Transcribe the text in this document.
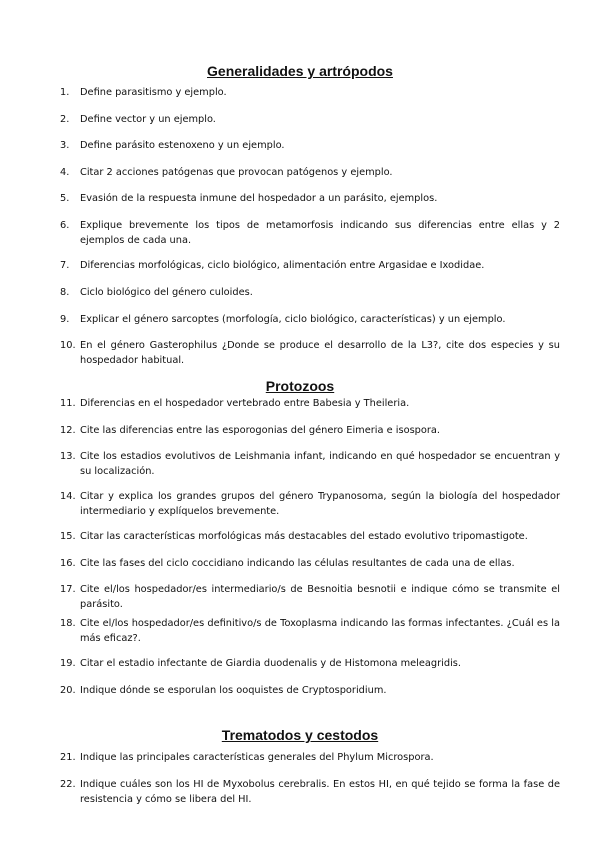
Generalidades y artrópodos
1.	Define parasitismo y ejemplo.
2.	Define vector y un ejemplo.
3.	Define parásito estenoxeno y un ejemplo.
4.	Citar 2 acciones patógenas que provocan patógenos y ejemplo.
5.	Evasión de la respuesta inmune del hospedador a un parásito, ejemplos.
6.	Explique brevemente los tipos de metamorfosis indicando sus diferencias entre ellas y 2 ejemplos de cada una.
7.	Diferencias morfológicas, ciclo biológico, alimentación entre Argasidae e Ixodidae.
8.	Ciclo biológico del género culoides.
9.	Explicar el género sarcoptes (morfología, ciclo biológico, características) y un ejemplo.
10. En el género Gasterophilus ¿Donde se produce el desarrollo de la L3?, cite dos especies y su hospedador habitual.
Protozoos
11. Diferencias en el hospedador vertebrado entre Babesia y Theileria.
12. Cite las diferencias entre las esporogonias del género Eimeria e isospora.
13. Cite los estadios evolutivos de Leishmania infant, indicando en qué hospedador se encuentran y su localización.
14. Citar y explica los grandes grupos del género Trypanosoma, según la biología del hospedador intermediario y explíquelos brevemente.
15. Citar las características morfológicas más destacables del estado evolutivo tripomastigote.
16. Cite las fases del ciclo coccidiano indicando las células resultantes de cada una de ellas.
17. Cite el/los hospedador/es intermediario/s de Besnoitia besnotii e indique cómo se transmite el parásito.
18. Cite el/los hospedador/es definitivo/s de Toxoplasma indicando las formas infectantes. ¿Cuál es la más eficaz?.
19. Citar el estadio infectante de Giardia duodenalis y de Histomona meleagridis.
20. Indique dónde se esporulan los ooquistes de Cryptosporidium.
Trematodos y cestodos
21. Indique las principales características generales del Phylum Microspora.
22. Indique cuáles son los HI de Myxobolus cerebralis. En estos HI, en qué tejido se forma la fase de resistencia y cómo se libera del HI.
